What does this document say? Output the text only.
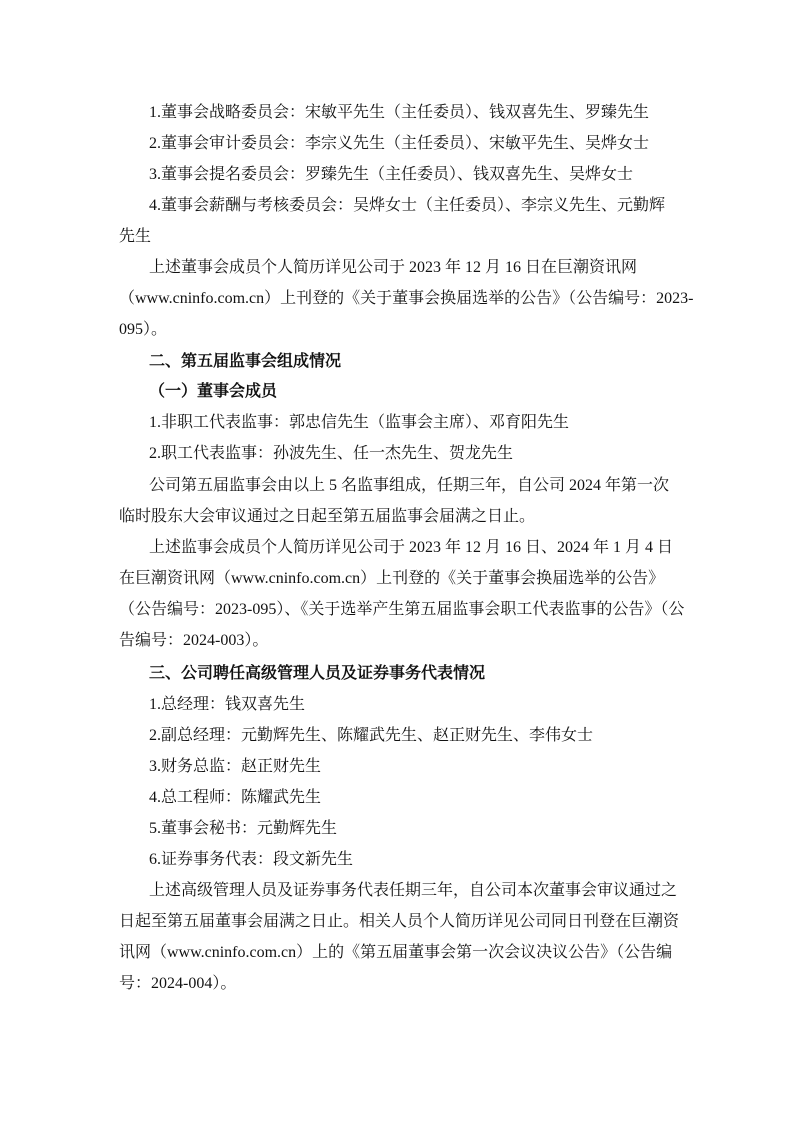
1.董事会战略委员会：宋敏平先生（主任委员）、钱双喜先生、罗臻先生
2.董事会审计委员会：李宗义先生（主任委员）、宋敏平先生、吴烨女士
3.董事会提名委员会：罗臻先生（主任委员）、钱双喜先生、吴烨女士
4.董事会薪酬与考核委员会：吴烨女士（主任委员）、李宗义先生、元勤辉
先生
上述董事会成员个人简历详见公司于 2023 年 12 月 16 日在巨潮资讯网
（www.cninfo.com.cn）上刊登的《关于董事会换届选举的公告》（公告编号：2023-
095）。
二、第五届监事会组成情况
（一）董事会成员
1.非职工代表监事：郭忠信先生（监事会主席）、邓育阳先生
2.职工代表监事：孙波先生、任一杰先生、贺龙先生
公司第五届监事会由以上 5 名监事组成，任期三年，自公司 2024 年第一次
临时股东大会审议通过之日起至第五届监事会届满之日止。
上述监事会成员个人简历详见公司于 2023 年 12 月 16 日、2024 年 1 月 4 日
在巨潮资讯网（www.cninfo.com.cn）上刊登的《关于董事会换届选举的公告》
（公告编号：2023-095）、《关于选举产生第五届监事会职工代表监事的公告》（公
告编号：2024-003）。
三、公司聘任高级管理人员及证券事务代表情况
1.总经理：钱双喜先生
2.副总经理：元勤辉先生、陈耀武先生、赵正财先生、李伟女士
3.财务总监：赵正财先生
4.总工程师：陈耀武先生
5.董事会秘书：元勤辉先生
6.证券事务代表：段文新先生
上述高级管理人员及证券事务代表任期三年，自公司本次董事会审议通过之
日起至第五届董事会届满之日止。相关人员个人简历详见公司同日刊登在巨潮资
讯网（www.cninfo.com.cn）上的《第五届董事会第一次会议决议公告》（公告编
号：2024-004）。
